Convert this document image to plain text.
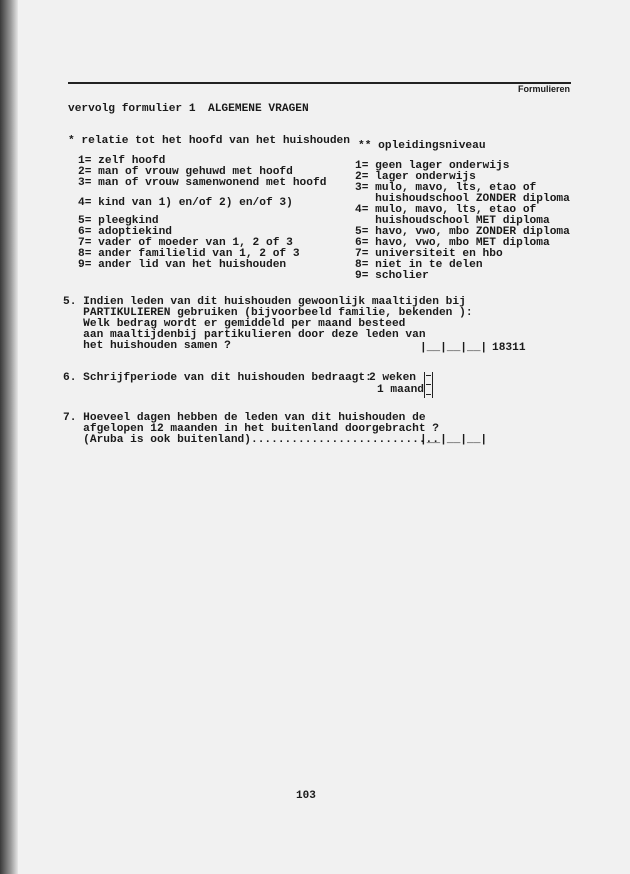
Formulieren
vervolg formulier 1 ALGEMENE VRAGEN
* relatie tot het hoofd van het huishouden
1= zelf hoofd
2= man of vrouw gehuwd met hoofd
3= man of vrouw samenwonend met hoofd
4= kind van 1) en/of 2) en/of 3)
5= pleegkind
6= adoptiekind
7= vader of moeder van 1, 2 of 3
8= ander familielid van 1, 2 of 3
9= ander lid van het huishouden
** opleidingsniveau
1= geen lager onderwijs
2= lager onderwijs
3= mulo, mavo, lts, etao of
huishoudschool ZONDER diploma
4= mulo, mavo, lts, etao of
huishoudschool MET diploma
5= havo, vwo, mbo ZONDER diploma
6= havo, vwo, mbo MET diploma
7= universiteit en hbo
8= niet in te delen
9= scholier
5. Indien leden van dit huishouden gewoonlijk maaltijden bij
PARTIKULIEREN gebruiken (bijvoorbeeld familie, bekenden ):
Welk bedrag wordt er gemiddeld per maand besteed
aan maaltijdenbij partikulieren door deze leden van
het huishouden samen ?	|__|__|__| 18311
6. Schrijfperiode van dit huishouden bedraagt:
2 weken
1 maand
7. Hoeveel dagen hebben de leden van dit huishouden de
afgelopen 12 maanden in het buitenland doorgebracht ?
(Aruba is ook buitenland)............................
|__|__|__|
103
